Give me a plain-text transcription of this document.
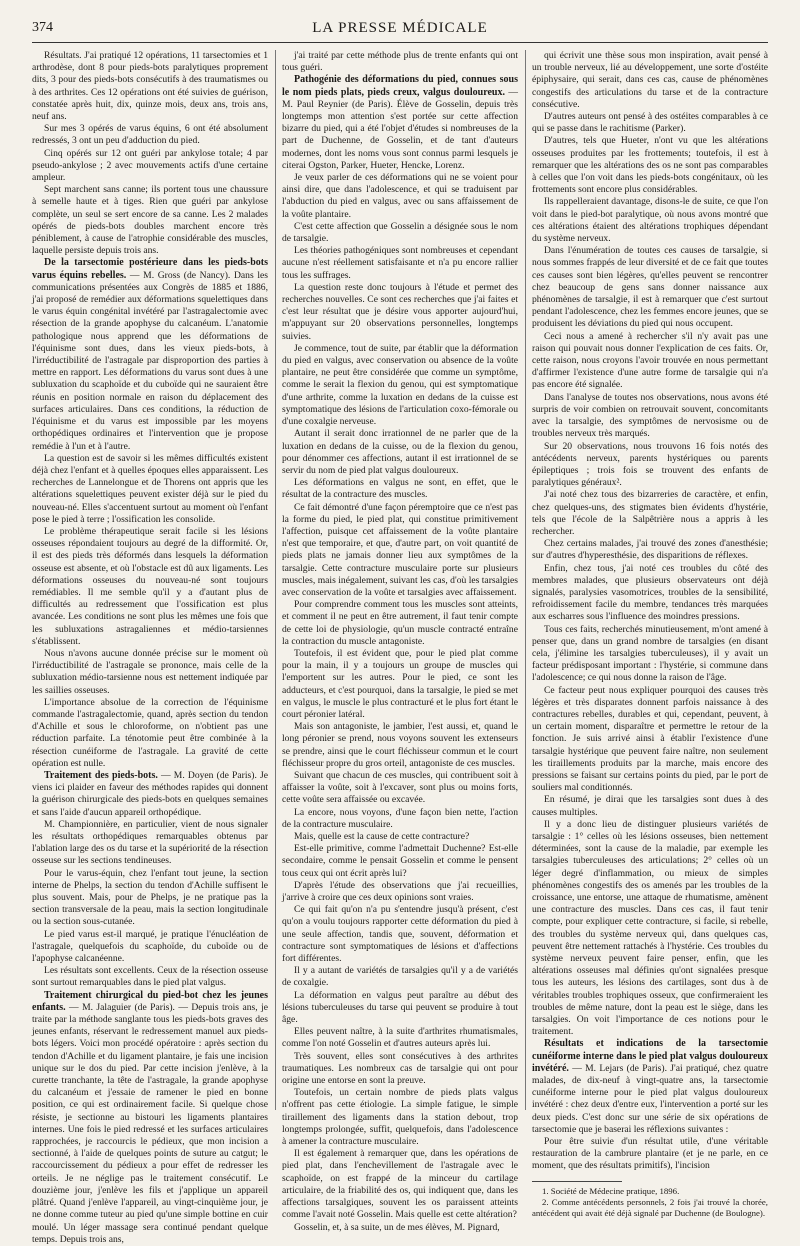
374	LA PRESSE MÉDICALE

Résultats. J'ai pratiqué 12 opérations, 11 tarsectomies et 1 arthrodèse, dont 8 pour pieds-bots paralytiques proprement dits, 3 pour des pieds-bots consécutifs à des traumatismes ou à des arthrites. Ces 12 opérations ont été suivies de guérison, constatée après huit, dix, quinze mois, deux ans, trois ans, neuf ans.

Sur mes 3 opérés de varus équins, 6 ont été absolument redressés, 3 ont un peu d'adduction du pied.

Cinq opérés sur 12 ont guéri par ankylose totale; 4 par pseudo-ankylose ; 2 avec mouvements actifs d'une certaine ampleur.

Sept marchent sans canne; ils portent tous une chaussure à semelle haute et à tiges. Rien que guéri par ankylose complète, un seul se sert encore de sa canne. Les 2 malades opérés de pieds-bots doubles marchent encore très péniblement, à cause de l'atrophie considérable des muscles, laquelle persiste depuis trois ans.

De la tarsectomie postérieure dans les pieds-bots varus équins rebelles. — M. Gross (de Nancy). Dans les communications présentées aux Congrès de 1885 et 1886, j'ai proposé de remédier aux déformations squelettiques dans le varus équin congénital invétéré par l'astragalectomie avec résection de la grande apophyse du calcanéum. L'anatomie pathologique nous apprend que les déformations de l'équinisme sont dues, dans les vieux pieds-bots, à l'irréductibilité de l'astragale par disproportion des parties à mettre en rapport. Les déformations du varus sont dues à une subluxation du scaphoïde et du cuboïde qui ne sauraient être réunis en position normale en raison du déplacement des surfaces articulaires. Dans ces conditions, la réduction de l'équinisme et du varus est impossible par les moyens orthopédiques ordinaires et l'intervention que je propose remédie à l'un et à l'autre.

La question est de savoir si les mêmes difficultés existent déjà chez l'enfant et à quelles époques elles apparaissent. Les recherches de Lannelongue et de Thorens ont appris que les altérations squelettiques peuvent exister déjà sur le pied du nouveau-né. Elles s'accentuent surtout au moment où l'enfant pose le pied à terre ; l'ossification les consolide.

Le problème thérapeutique serait facile si les lésions osseuses répondaient toujours au degré de la difformité. Or, il est des pieds très déformés dans lesquels la déformation osseuse est absente, et où l'obstacle est dû aux ligaments. Les déformations osseuses du nouveau-né sont toujours remédiables. Il me semble qu'il y a d'autant plus de difficultés au redressement que l'ossification est plus avancée. Les conditions ne sont plus les mêmes une fois que les subluxations astragaliennes et médio-tarsiennes s'établissent.

Nous n'avons aucune donnée précise sur le moment où l'irréductibilité de l'astragale se prononce, mais celle de la subluxation médio-tarsienne nous est nettement indiquée par les saillies osseuses.

L'importance absolue de la correction de l'équinisme commande l'astragalectomie, quand, après section du tendon d'Achille et sous le chloroforme, on n'obtient pas une réduction parfaite. La ténotomie peut être combinée à la résection cunéiforme de l'astragale. La gravité de cette opération est nulle.

Traitement des pieds-bots. — M. Doyen (de Paris). Je viens ici plaider en faveur des méthodes rapides qui donnent la guérison chirurgicale des pieds-bots en quelques semaines et sans l'aide d'aucun appareil orthopédique.

M. Championnière, en particulier, vient de nous signaler les résultats orthopédiques remarquables obtenus par l'ablation large des os du tarse et la supériorité de la résection osseuse sur les sections tendineuses.

Pour le varus-équin, chez l'enfant tout jeune, la section interne de Phelps, la section du tendon d'Achille suffisent le plus souvent. Mais, pour de Phelps, je ne pratique pas la section transversale de la peau, mais la section longitudinale ou la section sous-cutanée.

Le pied varus est-il marqué, je pratique l'énucléation de l'astragale, quelquefois du scaphoïde, du cuboïde ou de l'apophyse calcanéenne.

Les résultats sont excellents. Ceux de la résection osseuse sont surtout remarquables dans le pied plat valgus.

Traitement chirurgical du pied-bot chez les jeunes enfants. — M. Jalaguier (de Paris). — Depuis trois ans, je traite par la méthode sanglante tous les pieds-bots graves des jeunes enfants, réservant le redressement manuel aux pieds-bots légers. Voici mon procédé opératoire : après section du tendon d'Achille et du ligament plantaire, je fais une incision unique sur le dos du pied. Par cette incision j'enlève, à la curette tranchante, la tête de l'astragale, la grande apophyse du calcanéum et j'essaie de ramener le pied en bonne position, ce qui est ordinairement facile. Si quelque chose résiste, je sectionne au bistouri les ligaments plantaires internes. Une fois le pied redressé et les surfaces articulaires rapprochées, je raccourcis le pédieux, que mon incision a sectionné, à l'aide de quelques points de suture au catgut; le raccourcissement du pédieux a pour effet de redresser les orteils. Je ne néglige pas le traitement consécutif. Le douzième jour, j'enlève les fils et j'applique un appareil plâtré. Quand j'enlève l'appareil, au vingt-cinquième jour, je ne donne comme tuteur au pied qu'une simple bottine en cuir moulé. Un léger massage sera continué pendant quelque temps. Depuis trois ans,

j'ai traité par cette méthode plus de trente enfants qui ont tous guéri.

Pathogénie des déformations du pied, connues sous le nom pieds plats, pieds creux, valgus douloureux. — M. Paul Reynier (de Paris). Élève de Gosselin, depuis très longtemps mon attention s'est portée sur cette affection bizarre du pied, qui a été l'objet d'études si nombreuses de la part de Duchenne, de Gosselin, et de tant d'auteurs modernes, dont les noms vous sont connus parmi lesquels je citerai Ogston, Parker, Hueter, Hencke, Lorenz.

Je veux parler de ces déformations qui ne se voient pour ainsi dire, que dans l'adolescence, et qui se traduisent par l'abduction du pied en valgus, avec ou sans affaissement de la voûte plantaire.

C'est cette affection que Gosselin a désignée sous le nom de tarsalgie.

Les théories pathogéniques sont nombreuses et cependant aucune n'est réellement satisfaisante et n'a pu encore rallier tous les suffrages.

La question reste donc toujours à l'étude et permet des recherches nouvelles. Ce sont ces recherches que j'ai faites et c'est leur résultat que je désire vous apporter aujourd'hui, m'appuyant sur 20 observations personnelles, longtemps suivies.

Je commence, tout de suite, par établir que la déformation du pied en valgus, avec conservation ou absence de la voûte plantaire, ne peut être considérée que comme un symptôme, comme le serait la flexion du genou, qui est symptomatique d'une arthrite, comme la luxation en dedans de la cuisse est symptomatique des lésions de l'articulation coxo-fémorale ou d'une coxalgie nerveuse.

Autant il serait donc irrationnel de ne parler que de la luxation en dedans de la cuisse, ou de la flexion du genou, pour dénommer ces affections, autant il est irrationnel de se servir du nom de pied plat valgus douloureux.

Les déformations en valgus ne sont, en effet, que le résultat de la contracture des muscles.

Ce fait démontré d'une façon péremptoire que ce n'est pas la forme du pied, le pied plat, qui constitue primitivement l'affection, puisque cet affaissement de la voûte plantaire n'est que temporaire, et que, d'autre part, on voit quantité de pieds plats ne jamais donner lieu aux symptômes de la tarsalgie. Cette contracture musculaire porte sur plusieurs muscles, mais inégalement, suivant les cas, d'où les tarsalgies avec conservation de la voûte et tarsalgies avec affaissement.

Pour comprendre comment tous les muscles sont atteints, et comment il ne peut en être autrement, il faut tenir compte de cette loi de physiologie, qu'un muscle contracté entraîne la contraction du muscle antagoniste.

Toutefois, il est évident que, pour le pied plat comme pour la main, il y a toujours un groupe de muscles qui l'emportent sur les autres. Pour le pied, ce sont les adducteurs, et c'est pourquoi, dans la tarsalgie, le pied se met en valgus, le muscle le plus contracturé et le plus fort étant le court péronier latéral.

Mais son antagoniste, le jambier, l'est aussi, et, quand le long péronier se prend, nous voyons souvent les extenseurs se prendre, ainsi que le court fléchisseur commun et le court fléchisseur propre du gros orteil, antagoniste de ces muscles.

Suivant que chacun de ces muscles, qui contribuent soit à affaisser la voûte, soit à l'excaver, sont plus ou moins forts, cette voûte sera affaissée ou excavée.

La encore, nous voyons, d'une façon bien nette, l'action de la contracture musculaire.

Mais, quelle est la cause de cette contracture?

Est-elle primitive, comme l'admettait Duchenne? Est-elle secondaire, comme le pensait Gosselin et comme le pensent tous ceux qui ont écrit après lui?

D'après l'étude des observations que j'ai recueillies, j'arrive à croire que ces deux opinions sont vraies.

Ce qui fait qu'on n'a pu s'entendre jusqu'à présent, c'est qu'on a voulu toujours rapporter cette déformation du pied à une seule affection, tandis que, souvent, déformation et contracture sont symptomatiques de lésions et d'affections fort différentes.

Il y a autant de variétés de tarsalgies qu'il y a de variétés de coxalgie.

La déformation en valgus peut paraître au début des lésions tuberculeuses du tarse qui peuvent se produire à tout âge.

Elles peuvent naître, à la suite d'arthrites rhumatismales, comme l'on noté Gosselin et d'autres auteurs après lui.

Très souvent, elles sont consécutives à des arthrites traumatiques. Les nombreux cas de tarsalgie qui ont pour origine une entorse en sont la preuve.

Toutefois, un certain nombre de pieds plats valgus n'offrent pas cette étiologie. La simple fatigue, le simple tiraillement des ligaments dans la station debout, trop longtemps prolongée, suffit, quelquefois, dans l'adolescence à amener la contracture musculaire.

Il est également à remarquer que, dans les opérations de pied plat, dans l'enchevillement de l'astragale avec le scaphoïde, on est frappé de la minceur du cartilage articulaire, de la friabilité des os, qui indiquent que, dans les affections tarsalgiques, souvent les os paraissent atteints comme l'avait noté Gosselin. Mais quelle est cette altération?

Gosselin, et, à sa suite, un de mes élèves, M. Pignard,

qui écrivit une thèse sous mon inspiration, avait pensé à un trouble nerveux, lié au développement, une sorte d'ostéite épiphysaire, qui serait, dans ces cas, cause de phénomènes congestifs des articulations du tarse et de la contracture consécutive.

D'autres auteurs ont pensé à des ostéites comparables à ce qui se passe dans le rachitisme (Parker).

D'autres, tels que Hueter, n'ont vu que les altérations osseuses produites par les frottements; toutefois, il est à remarquer que les altérations des os ne sont pas comparables à celles que l'on voit dans les pieds-bots congénitaux, où les frottements sont encore plus considérables.

Ils rappelleraient davantage, disons-le de suite, ce que l'on voit dans le pied-bot paralytique, où nous avons montré que ces altérations étaient des altérations trophiques dépendant du système nerveux.

Dans l'énumération de toutes ces causes de tarsalgie, si nous sommes frappés de leur diversité et de ce fait que toutes ces causes sont bien légères, qu'elles peuvent se rencontrer chez beaucoup de gens sans donner naissance aux phénomènes de tarsalgie, il est à remarquer que c'est surtout pendant l'adolescence, chez les femmes encore jeunes, que se produisent les déviations du pied qui nous occupent.

Ceci nous a amené à rechercher s'il n'y avait pas une raison qui pouvait nous donner l'explication de ces faits. Or, cette raison, nous croyons l'avoir trouvée en nous permettant d'affirmer l'existence d'une autre forme de tarsalgie qui n'a pas encore été signalée.

Dans l'analyse de toutes nos observations, nous avons été surpris de voir combien on retrouvait souvent, concomitants avec la tarsalgie, des symptômes de nervosisme ou de troubles nerveux très marqués.

Sur 20 observations, nous trouvons 16 fois notés des antécédents nerveux, parents hystériques ou parents épileptiques ; trois fois se trouvent des enfants de paralytiques généraux².

J'ai noté chez tous des bizarreries de caractère, et enfin, chez quelques-uns, des stigmates bien évidents d'hystérie, tels que l'école de la Salpêtrière nous a appris à les rechercher.

Chez certains malades, j'ai trouvé des zones d'anesthésie; sur d'autres d'hyperesthésie, des disparitions de réflexes.

Enfin, chez tous, j'ai noté ces troubles du côté des membres malades, que plusieurs observateurs ont déjà signalés, paralysies vasomotrices, troubles de la sensibilité, refroidissement facile du membre, tendances très marquées aux escharres sous l'influence des moindres pressions.

Tous ces faits, recherchés minutieusement, m'ont amené à penser que, dans un grand nombre de tarsalgies (en disant cela, j'élimine les tarsalgies tuberculeuses), il y avait un facteur prédisposant important : l'hystérie, si commune dans l'adolescence; ce qui nous donne la raison de l'âge.

Ce facteur peut nous expliquer pourquoi des causes très légères et très disparates donnent parfois naissance à des contractures rebelles, durables et qui, cependant, peuvent, à un certain moment, disparaître et permettre le retour de la fonction. Je suis arrivé ainsi à établir l'existence d'une tarsalgie hystérique que peuvent faire naître, non seulement les tiraillements produits par la marche, mais encore des pressions se faisant sur certains points du pied, par le port de souliers mal conditionnés.

En résumé, je dirai que les tarsalgies sont dues à des causes multiples.

Il y a donc lieu de distinguer plusieurs variétés de tarsalgie : 1° celles où les lésions osseuses, bien nettement déterminées, sont la cause de la maladie, par exemple les tarsalgies tuberculeuses des articulations; 2° celles où un léger degré d'inflammation, ou mieux de simples phénomènes congestifs des os amenés par les troubles de la croissance, une entorse, une attaque de rhumatisme, amènent une contracture des muscles. Dans ces cas, il faut tenir compte, pour expliquer cette contracture, si facile, si rebelle, des troubles du système nerveux qui, dans quelques cas, peuvent être nettement rattachés à l'hystérie. Ces troubles du système nerveux peuvent faire penser, enfin, que les altérations osseuses mal définies qu'ont signalées presque tous les auteurs, les lésions des cartilages, sont dus à de véritables troubles trophiques osseux, que confirmeraient les troubles de même nature, dont la peau est le siège, dans les tarsalgies. On voit l'importance de ces notions pour le traitement.

Résultats et indications de la tarsectomie cunéiforme interne dans le pied plat valgus douloureux invétéré. — M. Lejars (de Paris). J'ai pratiqué, chez quatre malades, de dix-neuf à vingt-quatre ans, la tarsectomie cunéiforme interne pour le pied plat valgus douloureux invétéré : chez deux d'entre eux, l'intervention a porté sur les deux pieds. C'est donc sur une série de six opérations de tarsectomie que je baserai les réflexions suivantes :

Pour être suivie d'un résultat utile, d'une véritable restauration de la cambrure plantaire (et je ne parle, en ce moment, que des résultats primitifs), l'incision

1. Société de Médecine pratique, 1896.

2. Comme antécédents personnels, 2 fois j'ai trouvé la chorée, antécédent qui avait été déjà signalé par Duchenne (de Boulogne).
